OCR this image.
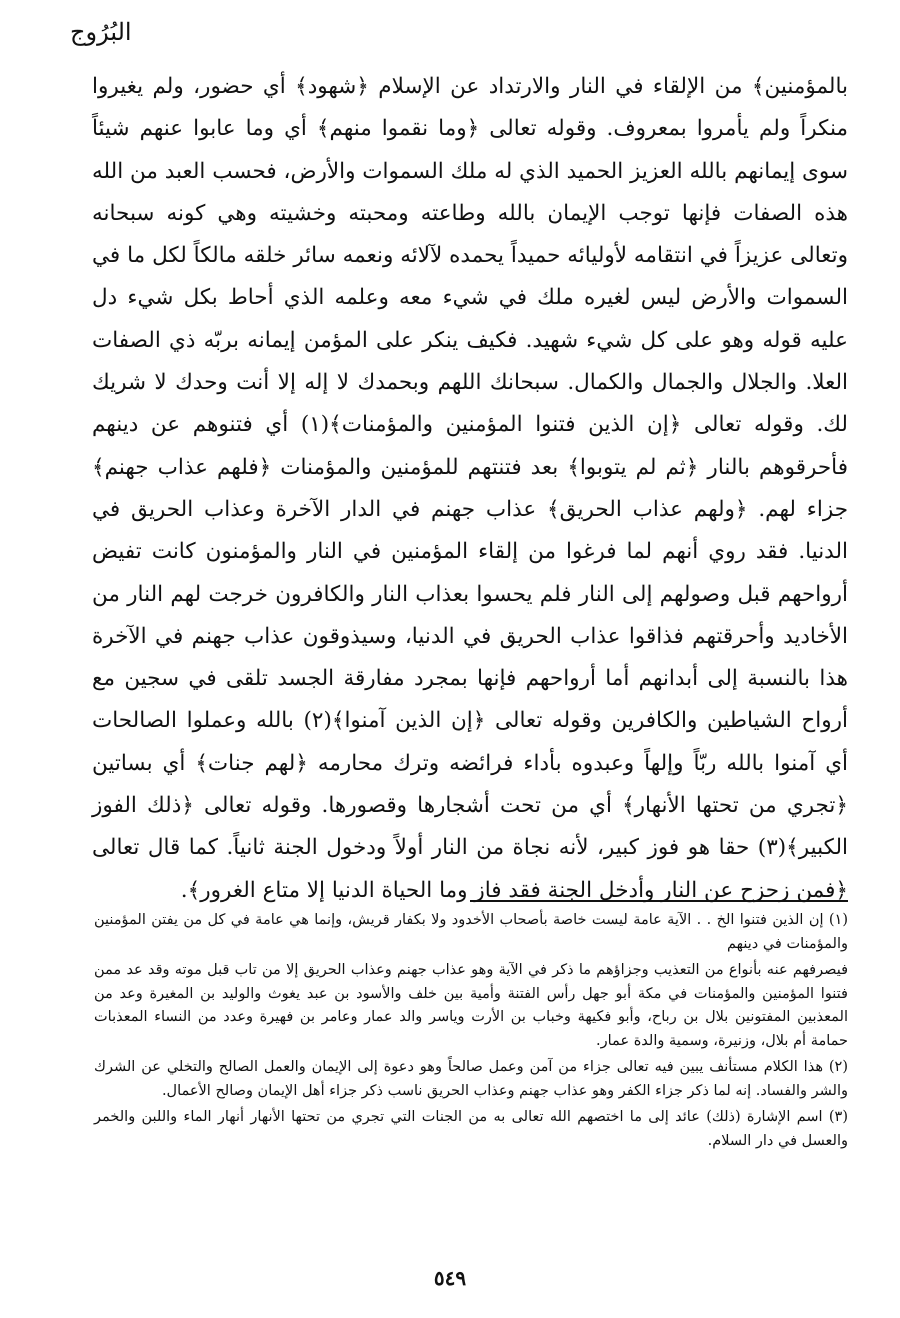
البُرُوج

بالمؤمنين﴾ من الإلقاء في النار والارتداد عن الإسلام ﴿شهود﴾ أي حضور، ولم يغيروا منكراً ولم يأمروا بمعروف. وقوله تعالى ﴿وما نقموا منهم﴾ أي وما عابوا عنهم شيئاً سوى إيمانهم بالله العزيز الحميد الذي له ملك السموات والأرض، فحسب العبد من الله هذه الصفات فإنها توجب الإيمان بالله وطاعته ومحبته وخشيته وهي كونه سبحانه وتعالى عزيزاً في انتقامه لأوليائه حميداً يحمده لآلائه ونعمه سائر خلقه مالكاً لكل ما في السموات والأرض ليس لغيره ملك في شيء معه وعلمه الذي أحاط بكل شيء دل عليه قوله وهو على كل شيء شهيد. فكيف ينكر على المؤمن إيمانه بربّه ذي الصفات العلا. والجلال والجمال والكمال. سبحانك اللهم وبحمدك لا إله إلا أنت وحدك لا شريك لك. وقوله تعالى ﴿إن الذين فتنوا المؤمنين والمؤمنات﴾(١) أي فتنوهم عن دينهم فأحرقوهم بالنار ﴿ثم لم يتوبوا﴾ بعد فتنتهم للمؤمنين والمؤمنات ﴿فلهم عذاب جهنم﴾ جزاء لهم. ﴿ولهم عذاب الحريق﴾ عذاب جهنم في الدار الآخرة وعذاب الحريق في الدنيا. فقد روي أنهم لما فرغوا من إلقاء المؤمنين في النار والمؤمنون كانت تفيض أرواحهم قبل وصولهم إلى النار فلم يحسوا بعذاب النار والكافرون خرجت لهم النار من الأخاديد وأحرقتهم فذاقوا عذاب الحريق في الدنيا، وسيذوقون عذاب جهنم في الآخرة هذا بالنسبة إلى أبدانهم أما أرواحهم فإنها بمجرد مفارقة الجسد تلقى في سجين مع أرواح الشياطين والكافرين وقوله تعالى ﴿إن الذين آمنوا﴾(٢) بالله وعملوا الصالحات أي آمنوا بالله ربّاً وإلهاً وعبدوه بأداء فرائضه وترك محارمه ﴿لهم جنات﴾ أي بساتين ﴿تجري من تحتها الأنهار﴾ أي من تحت أشجارها وقصورها. وقوله تعالى ﴿ذلك الفوز الكبير﴾(٣) حقا هو فوز كبير، لأنه نجاة من النار أولاً ودخول الجنة ثانياً. كما قال تعالى ﴿فمن زحزح عن النار وأدخل الجنة فقد فاز وما الحياة الدنيا إلا متاع الغرور﴾.

(١) إن الذين فتنوا الخ . . الآية عامة ليست خاصة بأصحاب الأخدود ولا بكفار قريش، وإنما هي عامة في كل من يفتن المؤمنين والمؤمنات في دينهم

فيصرفهم عنه بأنواع من التعذيب وجزاؤهم ما ذكر في الآية وهو عذاب جهنم وعذاب الحريق إلا من تاب قبل موته وقد عد ممن فتنوا المؤمنين والمؤمنات في مكة أبو جهل رأس الفتنة وأمية بين خلف والأسود بن عبد يغوث والوليد بن المغيرة وعد من المعذبين المفتونين بلال بن رباح، وأبو فكيهة وخباب بن الأرت وياسر والد عمار وعامر بن فهيرة وعدد من النساء المعذبات حمامة أم بلال، وزنيرة، وسمية والدة عمار.

(٢) هذا الكلام مستأنف يبين فيه تعالى جزاء من آمن وعمل صالحاً وهو دعوة إلى الإيمان والعمل الصالح والتخلي عن الشرك والشر والفساد. إنه لما ذكر جزاء الكفر وهو عذاب جهنم وعذاب الحريق ناسب ذكر جزاء أهل الإيمان وصالح الأعمال.

(٣) اسم الإشارة (ذلك) عائد إلى ما اختصهم الله تعالى به من الجنات التي تجري من تحتها الأنهار أنهار الماء واللبن والخمر والعسل في دار السلام.

٥٤٩
